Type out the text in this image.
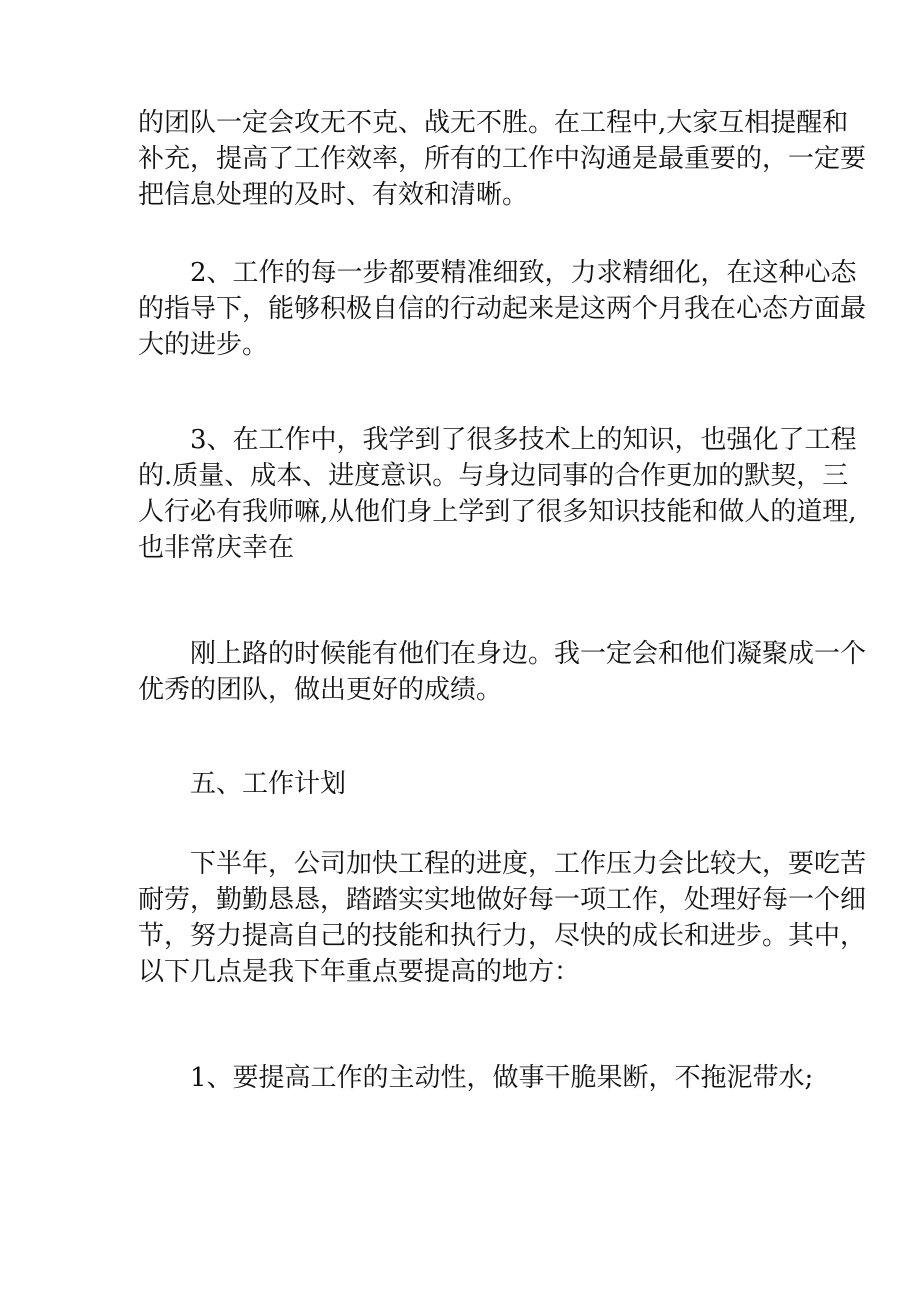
的团队一定会攻无不克、战无不胜。在工程中,大家互相提醒和
补充，提高了工作效率，所有的工作中沟通是最重要的，一定要
把信息处理的及时、有效和清晰。

2、工作的每一步都要精准细致，力求精细化，在这种心态
的指导下，能够积极自信的行动起来是这两个月我在心态方面最
大的进步。

3、在工作中，我学到了很多技术上的知识，也强化了工程
的.质量、成本、进度意识。与身边同事的合作更加的默契，三
人行必有我师嘛,从他们身上学到了很多知识技能和做人的道理,
也非常庆幸在

刚上路的时候能有他们在身边。我一定会和他们凝聚成一个
优秀的团队，做出更好的成绩。

五、工作计划

下半年，公司加快工程的进度，工作压力会比较大，要吃苦
耐劳，勤勤恳恳，踏踏实实地做好每一项工作，处理好每一个细
节，努力提高自己的技能和执行力，尽快的成长和进步。其中，
以下几点是我下年重点要提高的地方：

1、要提高工作的主动性，做事干脆果断，不拖泥带水;
